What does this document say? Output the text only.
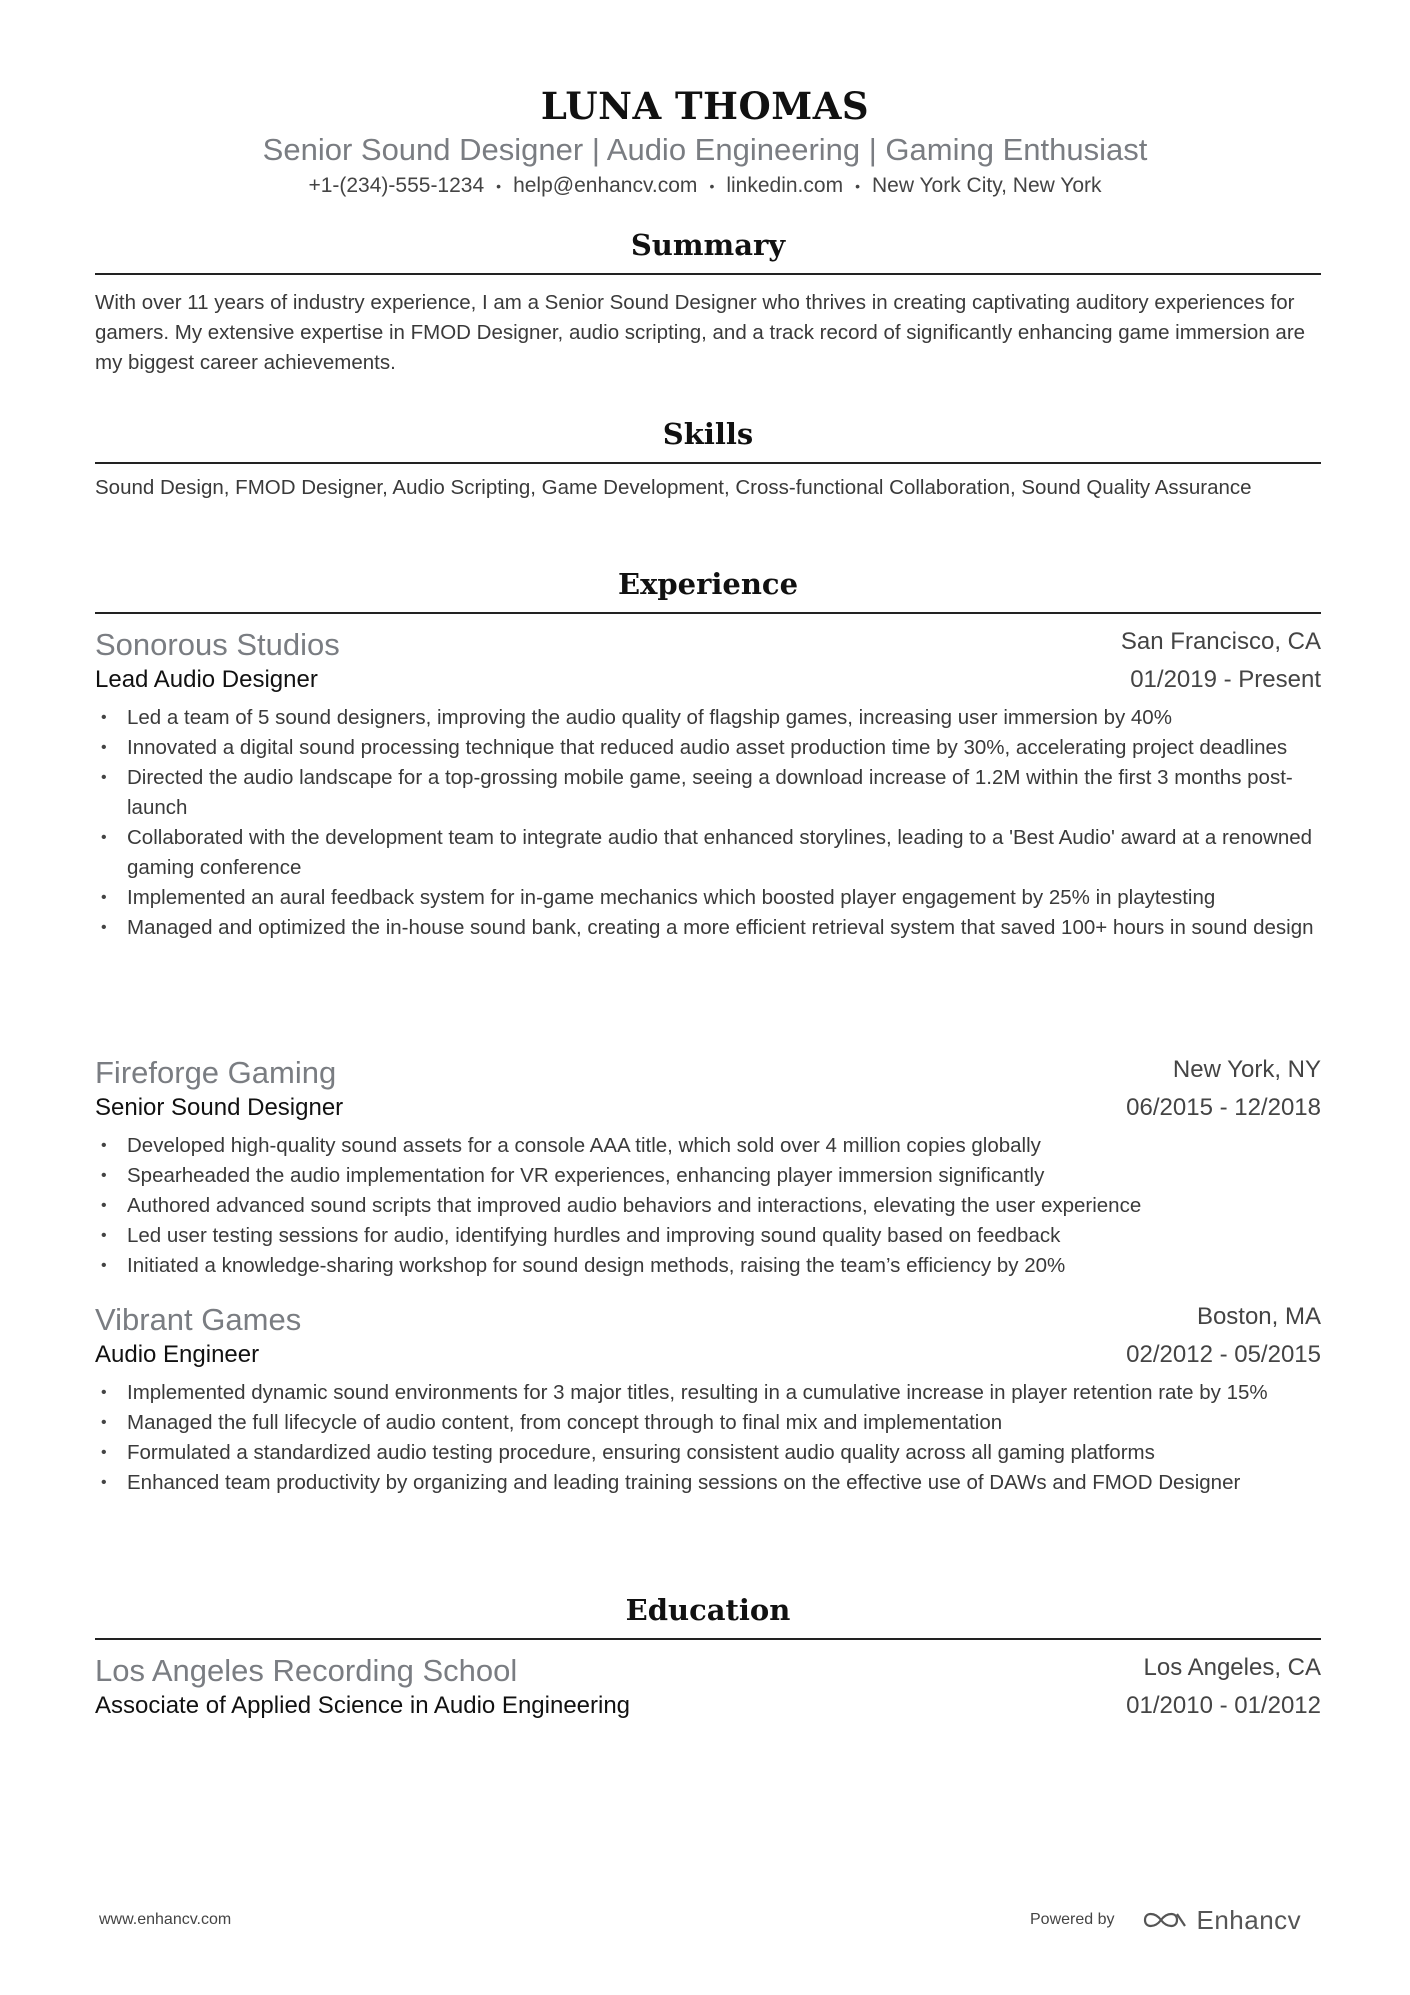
LUNA THOMAS
Senior Sound Designer | Audio Engineering | Gaming Enthusiast
+1-(234)-555-1234 • help@enhancv.com • linkedin.com • New York City, New York
Summary
With over 11 years of industry experience, I am a Senior Sound Designer who thrives in creating captivating auditory experiences for gamers. My extensive expertise in FMOD Designer, audio scripting, and a track record of significantly enhancing game immersion are my biggest career achievements.
Skills
Sound Design, FMOD Designer, Audio Scripting, Game Development, Cross-functional Collaboration, Sound Quality Assurance
Experience
Sonorous Studios	San Francisco, CA
Lead Audio Designer	01/2019 - Present
• Led a team of 5 sound designers, improving the audio quality of flagship games, increasing user immersion by 40%
• Innovated a digital sound processing technique that reduced audio asset production time by 30%, accelerating project deadlines
• Directed the audio landscape for a top-grossing mobile game, seeing a download increase of 1.2M within the first 3 months post-launch
• Collaborated with the development team to integrate audio that enhanced storylines, leading to a 'Best Audio' award at a renowned gaming conference
• Implemented an aural feedback system for in-game mechanics which boosted player engagement by 25% in playtesting
• Managed and optimized the in-house sound bank, creating a more efficient retrieval system that saved 100+ hours in sound design
Fireforge Gaming	New York, NY
Senior Sound Designer	06/2015 - 12/2018
• Developed high-quality sound assets for a console AAA title, which sold over 4 million copies globally
• Spearheaded the audio implementation for VR experiences, enhancing player immersion significantly
• Authored advanced sound scripts that improved audio behaviors and interactions, elevating the user experience
• Led user testing sessions for audio, identifying hurdles and improving sound quality based on feedback
• Initiated a knowledge-sharing workshop for sound design methods, raising the team’s efficiency by 20%
Vibrant Games	Boston, MA
Audio Engineer	02/2012 - 05/2015
• Implemented dynamic sound environments for 3 major titles, resulting in a cumulative increase in player retention rate by 15%
• Managed the full lifecycle of audio content, from concept through to final mix and implementation
• Formulated a standardized audio testing procedure, ensuring consistent audio quality across all gaming platforms
• Enhanced team productivity by organizing and leading training sessions on the effective use of DAWs and FMOD Designer
Education
Los Angeles Recording School	Los Angeles, CA
Associate of Applied Science in Audio Engineering	01/2010 - 01/2012
www.enhancv.com	Powered by	Enhancv
